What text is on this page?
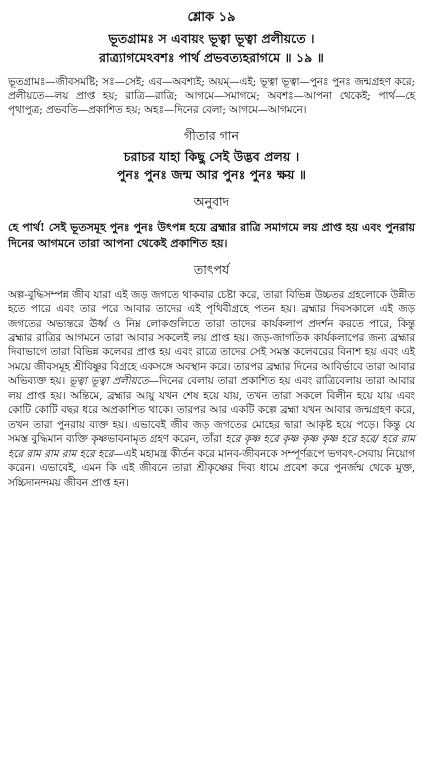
শ্লোক ১৯
ভূতগ্রামঃ স এবায়ং ভূত্বা ভূত্বা প্রলীয়তে ।
রাত্র্যাগমেঽবশঃ পার্থ প্রভবত্যহরাগমে ॥ ১৯ ॥
ভূতগ্রামঃ—জীবসমষ্টি; সঃ—সেই; এব—অবশ্যই; অয়ম্—এই; ভূত্বা ভূত্বা—পুনঃ পুনঃ জন্মগ্রহণ করে; প্রলীয়তে—লয় প্রাপ্ত হয়; রাত্রি—রাত্রি; আগমে—সমাগমে; অবশঃ—আপনা থেকেই; পার্থ—হে পৃথাপুত্র; প্রভবতি—প্রকাশিত হয়; অহঃ—দিনের বেলা; আগমে—আগমনে।
গীতার গান
চরাচর যাহা কিছু সেই উদ্ভব প্রলয় ।
পুনঃ পুনঃ জন্ম আর পুনঃ পুনঃ ক্ষয় ॥
অনুবাদ
হে পার্থ! সেই ভূতসমূহ পুনঃ পুনঃ উৎপন্ন হয়ে ব্রহ্মার রাত্রি সমাগমে লয় প্রাপ্ত হয় এবং পুনরায় দিনের আগমনে তারা আপনা থেকেই প্রকাশিত হয়।
তাৎপর্য

অল্প-বুদ্ধিসম্পন্ন জীব যারা এই জড় জগতে থাকবার চেষ্টা করে, তারা বিভিন্ন উচ্চতর গ্রহলোকে উন্নীত হতে পারে এবং তার পরে আবার তাদের এই পৃথিবীগ্রহে পতন হয়। ব্রহ্মার দিবসকালে এই জড় জগতের অভ্যন্তরে ঊর্ধ্ব ও নিম্ন লোকগুলিতে তারা তাদের কার্যকলাপ প্রদর্শন করতে পারে, কিন্তু ব্রহ্মার রাত্রির আগমনে তারা আবার সকলেই লয় প্রাপ্ত হয়। জড়-জাগতিক কার্যকলাপের জন্য ব্রহ্মার দিবাভাগে তারা বিভিন্ন কলেবর প্রাপ্ত হয় এবং রাত্রে তাদের সেই সমস্ত কলেবরের বিনাশ হয় এবং এই সময়ে জীবসমূহ শ্রীবিষ্ণুর বিগ্রহে একসঙ্গে অবস্থান করে। তারপর ব্রহ্মার দিনের আবির্ভাবে তারা আবার অভিব্যক্ত হয়। ভূত্বা ভূত্বা প্রলীয়তে—দিনের বেলায় তারা প্রকাশিত হয় এবং রাত্রিবেলায় তারা আবার লয় প্রাপ্ত হয়। অন্তিমে, ব্রহ্মার আয়ু যখন শেষ হয়ে যায়, তখন তারা সকলে বিলীন হয়ে যায় এবং কোটি কোটি বছর ধরে অপ্রকাশিত থাকে। তারপর আর একটি কল্পে ব্রহ্মা যখন আবার জন্মগ্রহণ করে, তখন তারা পুনরায় ব্যক্ত হয়। এভাবেই জীব জড় জগতের মোহের দ্বারা আকৃষ্ট হয়ে পড়ে। কিন্তু যে সমস্ত বুদ্ধিমান ব্যক্তি কৃষ্ণভাবনামৃত গ্রহণ করেন, তাঁরা হরে কৃষ্ণ হরে কৃষ্ণ কৃষ্ণ কৃষ্ণ হরে হরে/ হরে রাম হরে রাম রাম রাম হরে হরে—এই মহামন্ত্র কীর্তন করে মানব-জীবনকে সম্পূর্ণরূপে ভগবৎ-সেবায় নিয়োগ করেন। এভাবেই, এমন কি এই জীবনে তারা শ্রীকৃষ্ণের দিব্য ধামে প্রবেশ করে পুনর্জন্ম থেকে মুক্ত, সচ্চিদানন্দময় জীবন প্রাপ্ত হন।
